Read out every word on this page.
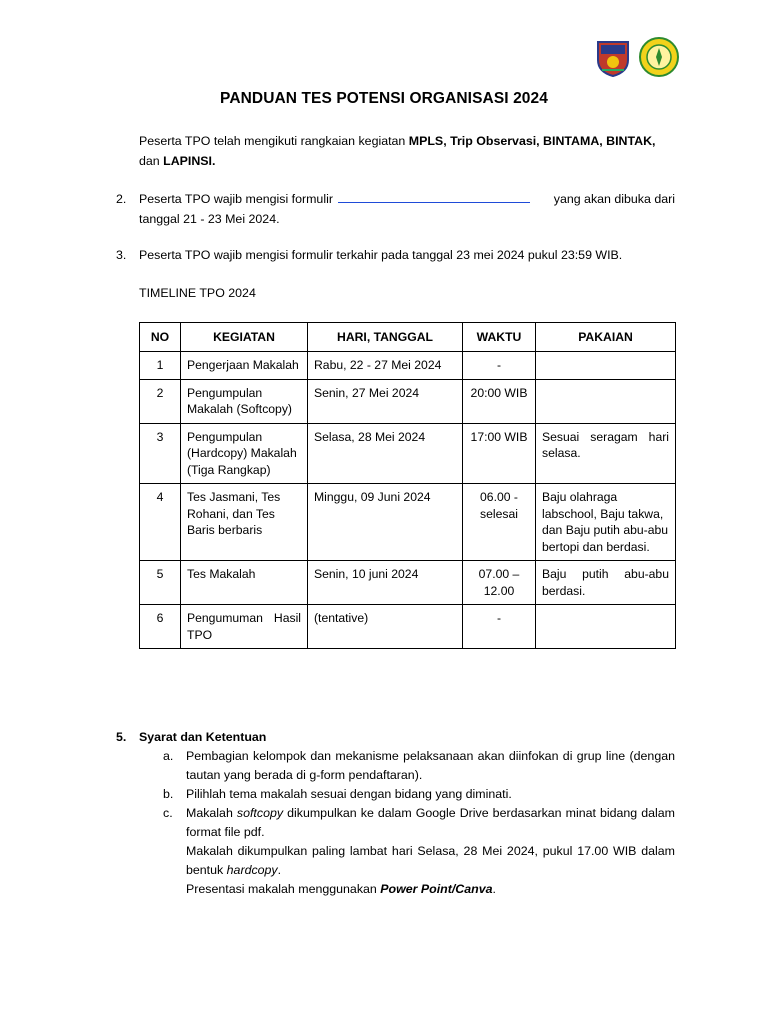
PANDUAN TES POTENSI ORGANISASI 2024
Peserta TPO telah mengikuti rangkaian kegiatan MPLS, Trip Observasi, BINTAMA, BINTAK,
dan LAPINSI.
2. Peserta TPO wajib mengisi formulir	yang akan dibuka dari

tanggal 21 - 23 Mei 2024.
3. Peserta TPO wajib mengisi formulir terkahir pada tanggal 23 mei 2024 pukul 23:59 WIB.
TIMELINE TPO 2024
NO	KEGIATAN	HARI, TANGGAL	WAKTU	PAKAIAN
1	Pengerjaan Makalah	Rabu, 22 - 27 Mei 2024	-	
2	Pengumpulan Makalah (Softcopy)	Senin, 27 Mei 2024	20:00 WIB	
3	Pengumpulan (Hardcopy) Makalah (Tiga Rangkap)	Selasa, 28 Mei 2024	17:00 WIB	Sesuai seragam hari selasa.
4	Tes Jasmani, Tes Rohani, dan Tes Baris berbaris	Minggu, 09 Juni 2024	06.00 - selesai	Baju olahraga labschool, Baju takwa, dan Baju putih abu-abu bertopi dan berdasi.
5	Tes Makalah	Senin, 10 juni 2024	07.00 – 12.00	Baju putih abu-abu berdasi.
6	Pengumuman Hasil TPO	(tentative)	-	
5. Syarat dan Ketentuan
a. Pembagian kelompok dan mekanisme pelaksanaan akan diinfokan di grup line (dengan tautan yang berada di g-form pendaftaran).
b. Pilihlah tema makalah sesuai dengan bidang yang diminati.
c. Makalah softcopy dikumpulkan ke dalam Google Drive berdasarkan minat bidang dalam format file pdf.
Makalah dikumpulkan paling lambat hari Selasa, 28 Mei 2024, pukul 17.00 WIB dalam bentuk hardcopy.
Presentasi makalah menggunakan Power Point/Canva.
